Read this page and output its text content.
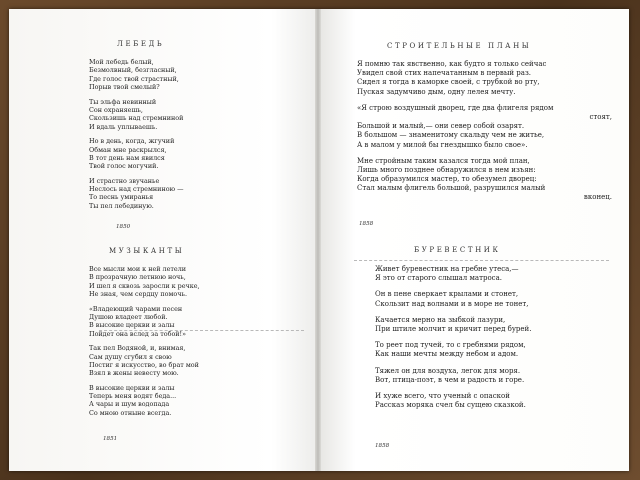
ЛЕБЕДЬ
Мой лебедь белый,
Безмолвный, безгласный,
Где голос твой страстный,
Порыв твой смелый?
Ты эльфа невинный
Сон охраняешь,
Скользишь над стремниной
И вдаль уплываешь.
Но в день, когда, жгучий
Обман мне раскрылся,
В тот день нам явился
Твой голос могучий.
И страстно звучанье
Неслось над стремниною —
То песнь умиранья
Ты пел лебединую.
1850
МУЗЫКАНТЫ
Все мысли мои к ней летели
В прозрачную летнюю ночь,
И шел я сквозь заросли к речке,
Не зная, чем сердцу помочь.
«Владеющий чарами песен
Душою владеет любой.
В высокие церкви и залы
Пойдет она вслед за тобой!»
Так пел Водяной, и, внимая,
Сам душу сгубил я свою
Постиг я искусство, во брат мой
Взял в жены невесту мою.
В высокие церкви и залы
Теперь меня водят беда...
А чары и шум водопада
Со мною отныне всегда.
1851
СТРОИТЕЛЬНЫЕ ПЛАНЫ
Я помню так явственно, как будто я только сейчас
Увидел свой стих напечатанным в первый раз.
Сидел я тогда в каморке своей, с трубкой во рту,
Пуская задумчиво дым, одну лелея мечту.
«Я строю воздушный дворец, где два флигеля рядом
стоят,
Большой и малый,— они север собой озарят.
В большом — знаменитому скальду чем не житье,
А в малом у милой бы гнездышко было свое».
Мне стройным таким казался тогда мой план,
Лишь много позднее обнаружился в нем изъян:
Когда образумился мастер, то обезумел дворец:
Стал малым флигель большой, разрушился малый
вконец.
1858
БУРЕВЕСТНИК
Живет буревестник на гребне утеса,—
Я это от старого слышал матроса.
Он в пене сверкает крылами и стонет,
Скользит над волнами и в море не тонет,
Качается мерно на зыбкой лазури,
При штиле молчит и кричит перед бурей.
То реет под тучей, то с гребнями рядом,
Как наши мечты между небом и адом.
Тяжел он для воздуха, легок для моря.
Вот, птица-поэт, в чем и радость и горе.
И хуже всего, что ученый с опаской
Рассказ моряка счел бы сущею сказкой.
1858
